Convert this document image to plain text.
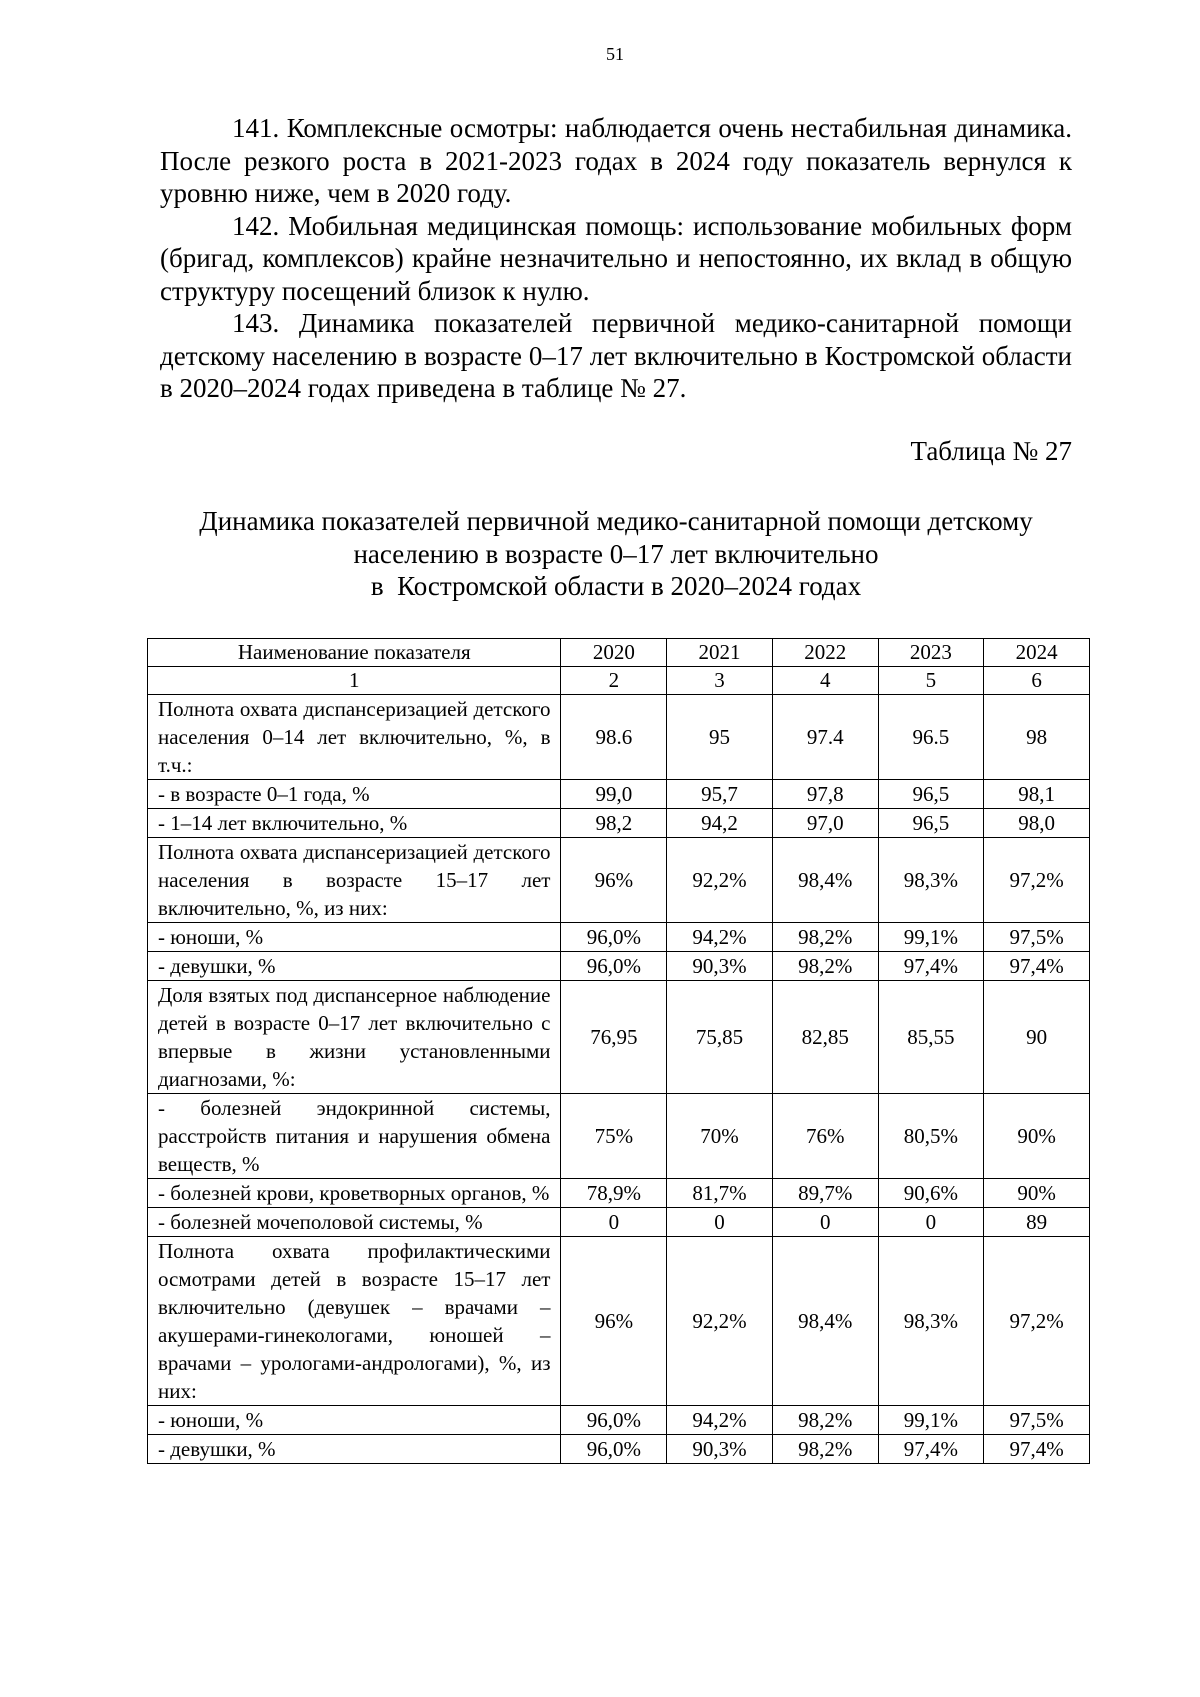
51

141. Комплексные осмотры: наблюдается очень нестабильная динамика. После резкого роста в 2021-2023 годах в 2024 году показатель вернулся к уровню ниже, чем в 2020 году.

142. Мобильная медицинская помощь: использование мобильных форм (бригад, комплексов) крайне незначительно и непостоянно, их вклад в общую структуру посещений близок к нулю.

143. Динамика показателей первичной медико-санитарной помощи детскому населению в возрасте 0–17 лет включительно в Костромской области в 2020–2024 годах приведена в таблице № 27.

Таблица № 27
Динамика показателей первичной медико-санитарной помощи детскому
населению в возрасте 0–17 лет включительно
в  Костромской области в 2020–2024 годах
Наименование показателя	2020	2021	2022	2023	2024
1	2	3	4	5	6
Полнота охвата диспансеризацией детского населения 0–14 лет включительно, %, в т.ч.:	98.6	95	97.4	96.5	98
- в возрасте 0–1 года, %	99,0	95,7	97,8	96,5	98,1
- 1–14 лет включительно, %	98,2	94,2	97,0	96,5	98,0
Полнота охвата диспансеризацией детского населения в возрасте 15–17 лет включительно, %, из них:	96%	92,2%	98,4%	98,3%	97,2%
- юноши, %	96,0%	94,2%	98,2%	99,1%	97,5%
- девушки, %	96,0%	90,3%	98,2%	97,4%	97,4%
Доля взятых под диспансерное наблюдение детей в возрасте 0–17 лет включительно с впервые в жизни установленными диагнозами, %:	76,95	75,85	82,85	85,55	90
- болезней эндокринной системы, расстройств питания и нарушения обмена веществ, %	75%	70%	76%	80,5%	90%
- болезней крови, кроветворных органов, %	78,9%	81,7%	89,7%	90,6%	90%
- болезней мочеполовой системы, %	0	0	0	0	89
Полнота охвата профилактическими осмотрами детей в возрасте 15–17 лет включительно (девушек – врачами – акушерами-гинекологами, юношей – врачами – урологами-андрологами), %, из них:	96%	92,2%	98,4%	98,3%	97,2%
- юноши, %	96,0%	94,2%	98,2%	99,1%	97,5%
- девушки, %	96,0%	90,3%	98,2%	97,4%	97,4%
